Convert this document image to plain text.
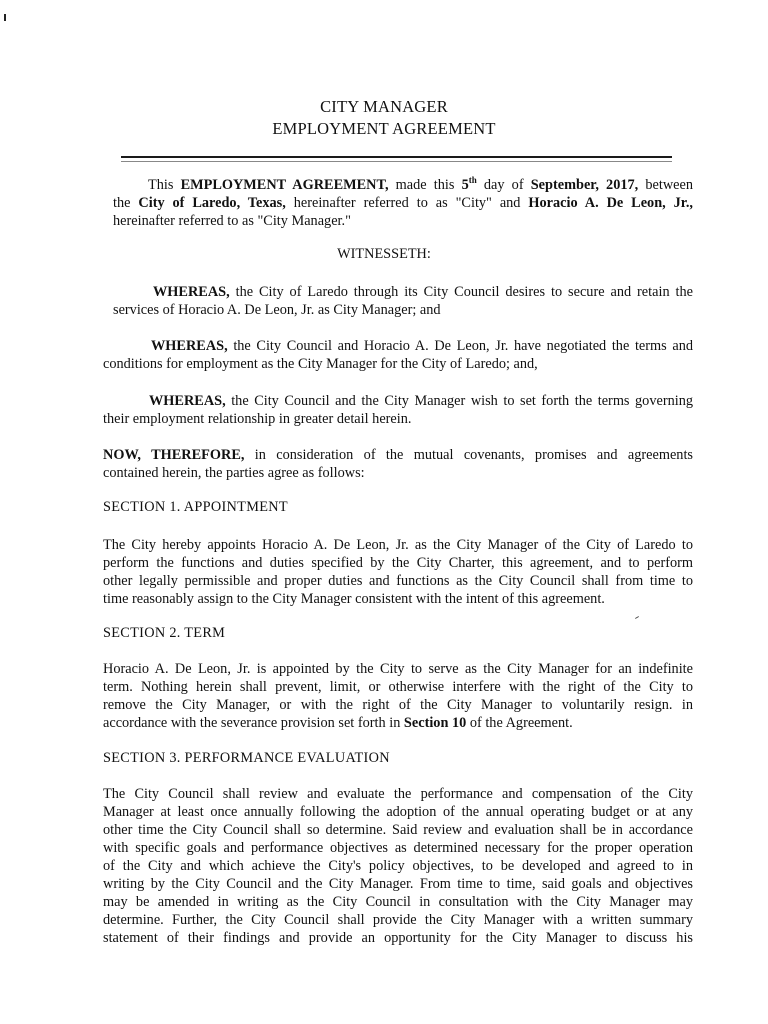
CITY MANAGER
EMPLOYMENT AGREEMENT
This EMPLOYMENT AGREEMENT, made this 5th day of September, 2017, between
the City of Laredo, Texas, hereinafter referred to as "City" and Horacio A. De Leon, Jr.,
hereinafter referred to as "City Manager."
WITNESSETH:
WHEREAS, the City of Laredo through its City Council desires to secure and retain the
services of Horacio A. De Leon, Jr. as City Manager; and
WHEREAS, the City Council and Horacio A. De Leon, Jr. have negotiated the terms and
conditions for employment as the City Manager for the City of Laredo; and,
WHEREAS, the City Council and the City Manager wish to set forth the terms governing
their employment relationship in greater detail herein.
NOW, THEREFORE, in consideration of the mutual covenants, promises and agreements
contained herein, the parties agree as follows:
SECTION 1. APPOINTMENT
The City hereby appoints Horacio A. De Leon, Jr. as the City Manager of the City of Laredo to
perform the functions and duties specified by the City Charter, this agreement, and to perform
other legally permissible and proper duties and functions as the City Council shall from time to
time reasonably assign to the City Manager consistent with the intent of this agreement.
SECTION 2. TERM
Horacio A. De Leon, Jr. is appointed by the City to serve as the City Manager for an indefinite
term. Nothing herein shall prevent, limit, or otherwise interfere with the right of the City to
remove the City Manager, or with the right of the City Manager to voluntarily resign. in
accordance with the severance provision set forth in Section 10 of the Agreement.
SECTION 3. PERFORMANCE EVALUATION
The City Council shall review and evaluate the performance and compensation of the City
Manager at least once annually following the adoption of the annual operating budget or at any
other time the City Council shall so determine. Said review and evaluation shall be in accordance
with specific goals and performance objectives as determined necessary for the proper operation
of the City and which achieve the City's policy objectives, to be developed and agreed to in
writing by the City Council and the City Manager. From time to time, said goals and objectives
may be amended in writing as the City Council in consultation with the City Manager may
determine. Further, the City Council shall provide the City Manager with a written summary
statement of their findings and provide an opportunity for the City Manager to discuss his
